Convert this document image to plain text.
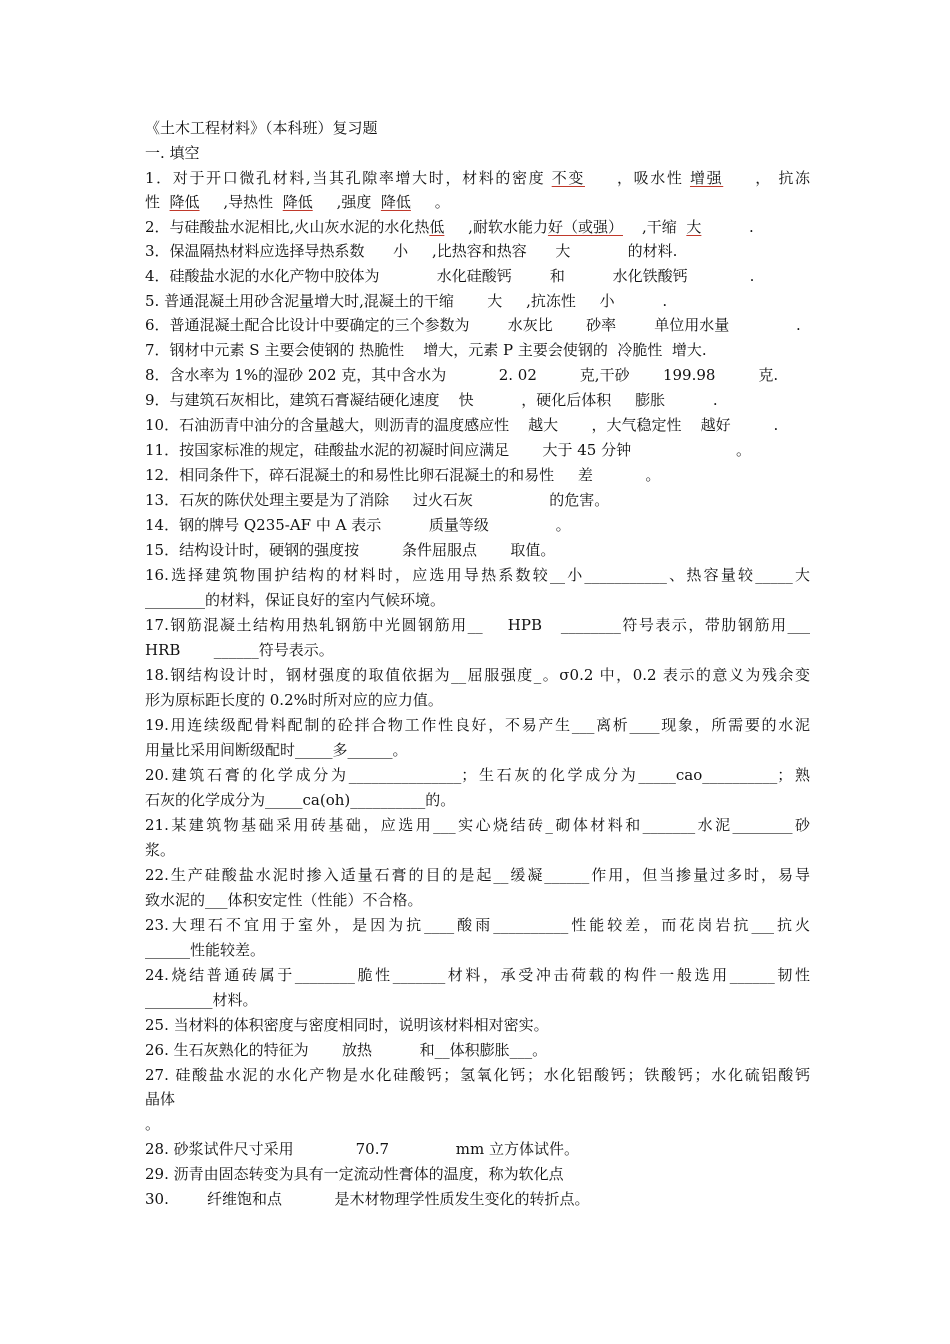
《土木工程材料》（本科班）复习题
一. 填空
1．对于开口微孔材料,当其孔隙率增大时，材料的密度 不变     ，吸水性 增强     ， 抗冻
性  降低     ,导热性  降低     ,强度  降低     。
2．与硅酸盐水泥相比,火山灰水泥的水化热低     ,耐软水能力好（或强）    ,干缩  大          .
3．保温隔热材料应选择导热系数      小     ,比热容和热容      大            的材料.
4．硅酸盐水泥的水化产物中胶体为            水化硅酸钙        和          水化铁酸钙             .
5. 普通混凝土用砂含泥量增大时,混凝土的干缩       大     ,抗冻性     小          .
6．普通混凝土配合比设计中要确定的三个参数为        水灰比       砂率        单位用水量              .
7．钢材中元素 S 主要会使钢的 热脆性    增大，元素 P 主要会使钢的  冷脆性  增大.
8．含水率为 1%的湿砂 202 克，其中含水为           2. 02         克,干砂       199.98         克.
9．与建筑石灰相比，建筑石膏凝结硬化速度    快          ，硬化后体积     膨胀          .
10．石油沥青中油分的含量越大，则沥青的温度感应性    越大       ，大气稳定性    越好         .
11．按国家标准的规定，硅酸盐水泥的初凝时间应满足       大于 45 分钟                      。
12．相同条件下，碎石混凝土的和易性比卵石混凝土的和易性     差           。
13．石灰的陈伏处理主要是为了消除     过火石灰                的危害。
14．钢的牌号 Q235-AF 中 A 表示          质量等级              。
15．结构设计时，硬钢的强度按         条件屈服点       取值。
16.选择建筑物围护结构的材料时，应选用导热系数较__小___________、热容量较_____大
________的材料，保证良好的室内气候环境。
17.钢筋混凝土结构用热轧钢筋中光圆钢筋用__    HPB   ________符号表示，带肋钢筋用___
HRB       ______符号表示。
18.钢结构设计时，钢材强度的取值依据为__屈服强度_。σ0.2 中，0.2 表示的意义为残余变
形为原标距长度的 0.2%时所对应的应力值。
19.用连续级配骨料配制的砼拌合物工作性良好，不易产生___离析____现象，所需要的水泥
用量比采用间断级配时_____多______。
20.建筑石膏的化学成分为_______________；生石灰的化学成分为_____cao__________；熟
石灰的化学成分为_____ca(oh)__________的。
21.某建筑物基础采用砖基础，应选用___实心烧结砖_砌体材料和_______水泥________砂
浆。
22.生产硅酸盐水泥时掺入适量石膏的目的是起__缓凝______作用，但当掺量过多时，易导
致水泥的___体积安定性（性能）不合格。
23.大理石不宜用于室外，是因为抗____酸雨__________性能较差，而花岗岩抗___抗火
______性能较差。
24.烧结普通砖属于________脆性_______材料，承受冲击荷载的构件一般选用______韧性
_________材料。
25. 当材料的体积密度与密度相同时，说明该材料相对密实。
26. 生石灰熟化的特征为       放热          和__体积膨胀___。
27. 硅酸盐水泥的水化产物是水化硅酸钙；氢氧化钙；水化铝酸钙；铁酸钙；水化硫铝酸钙
晶体
。
28. 砂浆试件尺寸采用             70.7              mm 立方体试件。
29. 沥青由固态转变为具有一定流动性膏体的温度，称为软化点
30.        纤维饱和点           是木材物理学性质发生变化的转折点。
